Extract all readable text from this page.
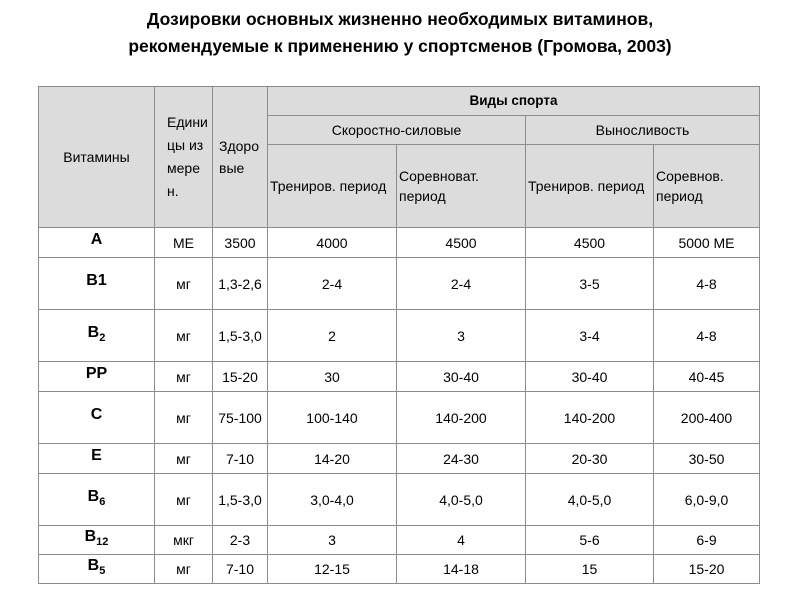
Дозировки основных жизненно необходимых витаминов,
рекомендуемые к применению у спортсменов (Громова, 2003)
Витамины	Единицы измерен.	Здоровые	Виды спорта			
			Скоростно-силовые		Выносливость	
			Трениров. период	Соревноват. период	Трениров. период	Соревнов. период
A	МЕ	3500	4000	4500	4500	5000 МЕ
B1	мг	1,3-2,6	2-4	2-4	3-5	4-8
$B_2$	мг	1,5-3,0	2	3	3-4	4-8
PP	мг	15-20	30	30-40	30-40	40-45
C	мг	75-100	100-140	140-200	140-200	200-400
E	мг	7-10	14-20	24-30	20-30	30-50
$B_6$	мг	1,5-3,0	3,0-4,0	4,0-5,0	4,0-5,0	6,0-9,0
$B_{12}$	мкг	2-3	3	4	5-6	6-9
$B_5$	мг	7-10	12-15	14-18	15	15-20
